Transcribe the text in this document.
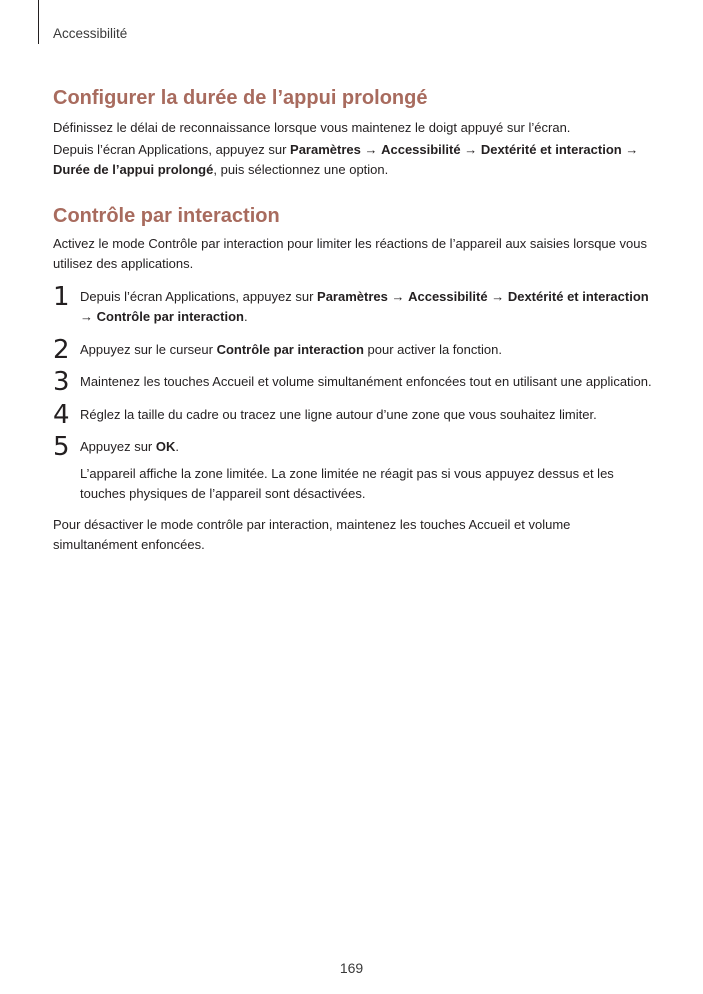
Accessibilité
Configurer la durée de l’appui prolongé

Définissez le délai de reconnaissance lorsque vous maintenez le doigt appuyé sur l’écran.

Depuis l’écran Applications, appuyez sur Paramètres → Accessibilité → Dextérité et interaction → Durée de l’appui prolongé, puis sélectionnez une option.

Contrôle par interaction

Activez le mode Contrôle par interaction pour limiter les réactions de l’appareil aux saisies lorsque vous utilisez des applications.

1 Depuis l’écran Applications, appuyez sur Paramètres → Accessibilité → Dextérité et interaction → Contrôle par interaction.

2 Appuyez sur le curseur Contrôle par interaction pour activer la fonction.

3 Maintenez les touches Accueil et volume simultanément enfoncées tout en utilisant une application.

4 Réglez la taille du cadre ou tracez une ligne autour d’une zone que vous souhaitez limiter.

5 Appuyez sur OK.

L’appareil affiche la zone limitée. La zone limitée ne réagit pas si vous appuyez dessus et les touches physiques de l’appareil sont désactivées.

Pour désactiver le mode contrôle par interaction, maintenez les touches Accueil et volume simultanément enfoncées.

169
